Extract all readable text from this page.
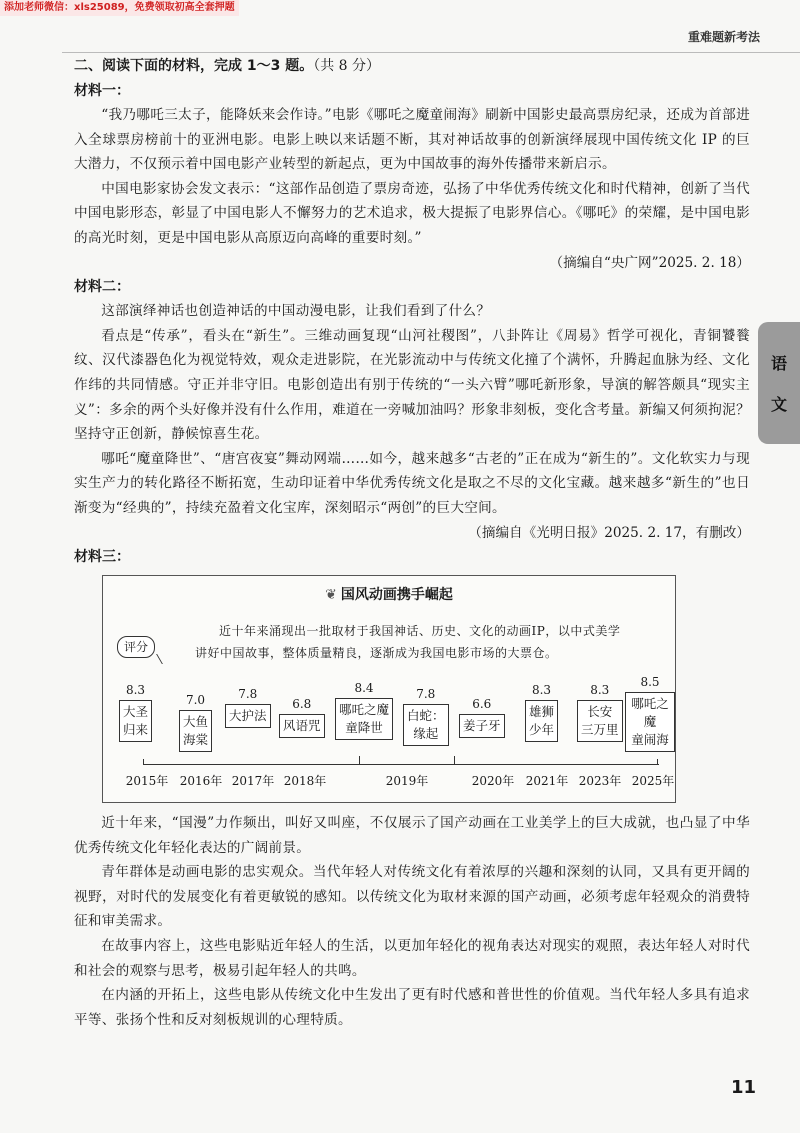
添加老师微信：xls25089，免费领取初高全套押题
重难题新考法
语
文

二、阅读下面的材料，完成 1～3 题。（共 8 分）

材料一：

“我乃哪吒三太子，能降妖来会作诗。”电影《哪吒之魔童闹海》刷新中国影史最高票房纪录，还成为首部进入全球票房榜前十的亚洲电影。电影上映以来话题不断，其对神话故事的创新演绎展现中国传统文化 IP 的巨大潜力，不仅预示着中国电影产业转型的新起点，更为中国故事的海外传播带来新启示。

中国电影家协会发文表示：“这部作品创造了票房奇迹，弘扬了中华优秀传统文化和时代精神，创新了当代中国电影形态，彰显了中国电影人不懈努力的艺术追求，极大提振了电影界信心。《哪吒》的荣耀，是中国电影的高光时刻，更是中国电影从高原迈向高峰的重要时刻。”

（摘编自“央广网”2025. 2. 18）

材料二：

这部演绎神话也创造神话的中国动漫电影，让我们看到了什么？

看点是“传承”，看头在“新生”。三维动画复现“山河社稷图”，八卦阵让《周易》哲学可视化，青铜饕餮纹、汉代漆器色化为视觉特效，观众走进影院，在光影流动中与传统文化撞了个满怀，升腾起血脉为经、文化作纬的共同情感。守正并非守旧。电影创造出有别于传统的“一头六臂”哪吒新形象，导演的解答颇具“现实主义”：多余的两个头好像并没有什么作用，难道在一旁喊加油吗？形象非刻板，变化含考量。新编又何须拘泥？坚持守正创新，静候惊喜生花。

哪吒“魔童降世”、“唐宫夜宴”舞动网端……如今，越来越多“古老的”正在成为“新生的”。文化软实力与现实生产力的转化路径不断拓宽，生动印证着中华优秀传统文化是取之不尽的文化宝藏。越来越多“新生的”也日渐变为“经典的”，持续充盈着文化宝库，深刻昭示“两创”的巨大空间。

（摘编自《光明日报》2025. 2. 17，有删改）

材料三：

❦ 国风动画携手崛起
近十年来涌现出一批取材于我国神话、历史、文化的动画IP，以中式美学讲好中国故事，整体质量精良，逐渐成为我国电影市场的大票仓。
评分
8.3
大圣
归来
7.0
大鱼
海棠
7.8
大护法
6.8
风语咒
8.4
哪吒之魔
童降世
7.8
白蛇：
缘起
6.6
姜子牙
8.3
雄狮
少年
8.3
长安
三万里
8.5
哪吒之魔
童闹海
2015年 2016年 2017年 2018年	2019年	2020年 2021年 2023年 2025年

近十年来，“国漫”力作频出，叫好又叫座，不仅展示了国产动画在工业美学上的巨大成就，也凸显了中华优秀传统文化年轻化表达的广阔前景。

青年群体是动画电影的忠实观众。当代年轻人对传统文化有着浓厚的兴趣和深刻的认同，又具有更开阔的视野，对时代的发展变化有着更敏锐的感知。以传统文化为取材来源的国产动画，必须考虑年轻观众的消费特征和审美需求。

在故事内容上，这些电影贴近年轻人的生活，以更加年轻化的视角表达对现实的观照，表达年轻人对时代和社会的观察与思考，极易引起年轻人的共鸣。

在内涵的开拓上，这些电影从传统文化中生发出了更有时代感和普世性的价值观。当代年轻人多具有追求平等、张扬个性和反对刻板规训的心理特质。

11
